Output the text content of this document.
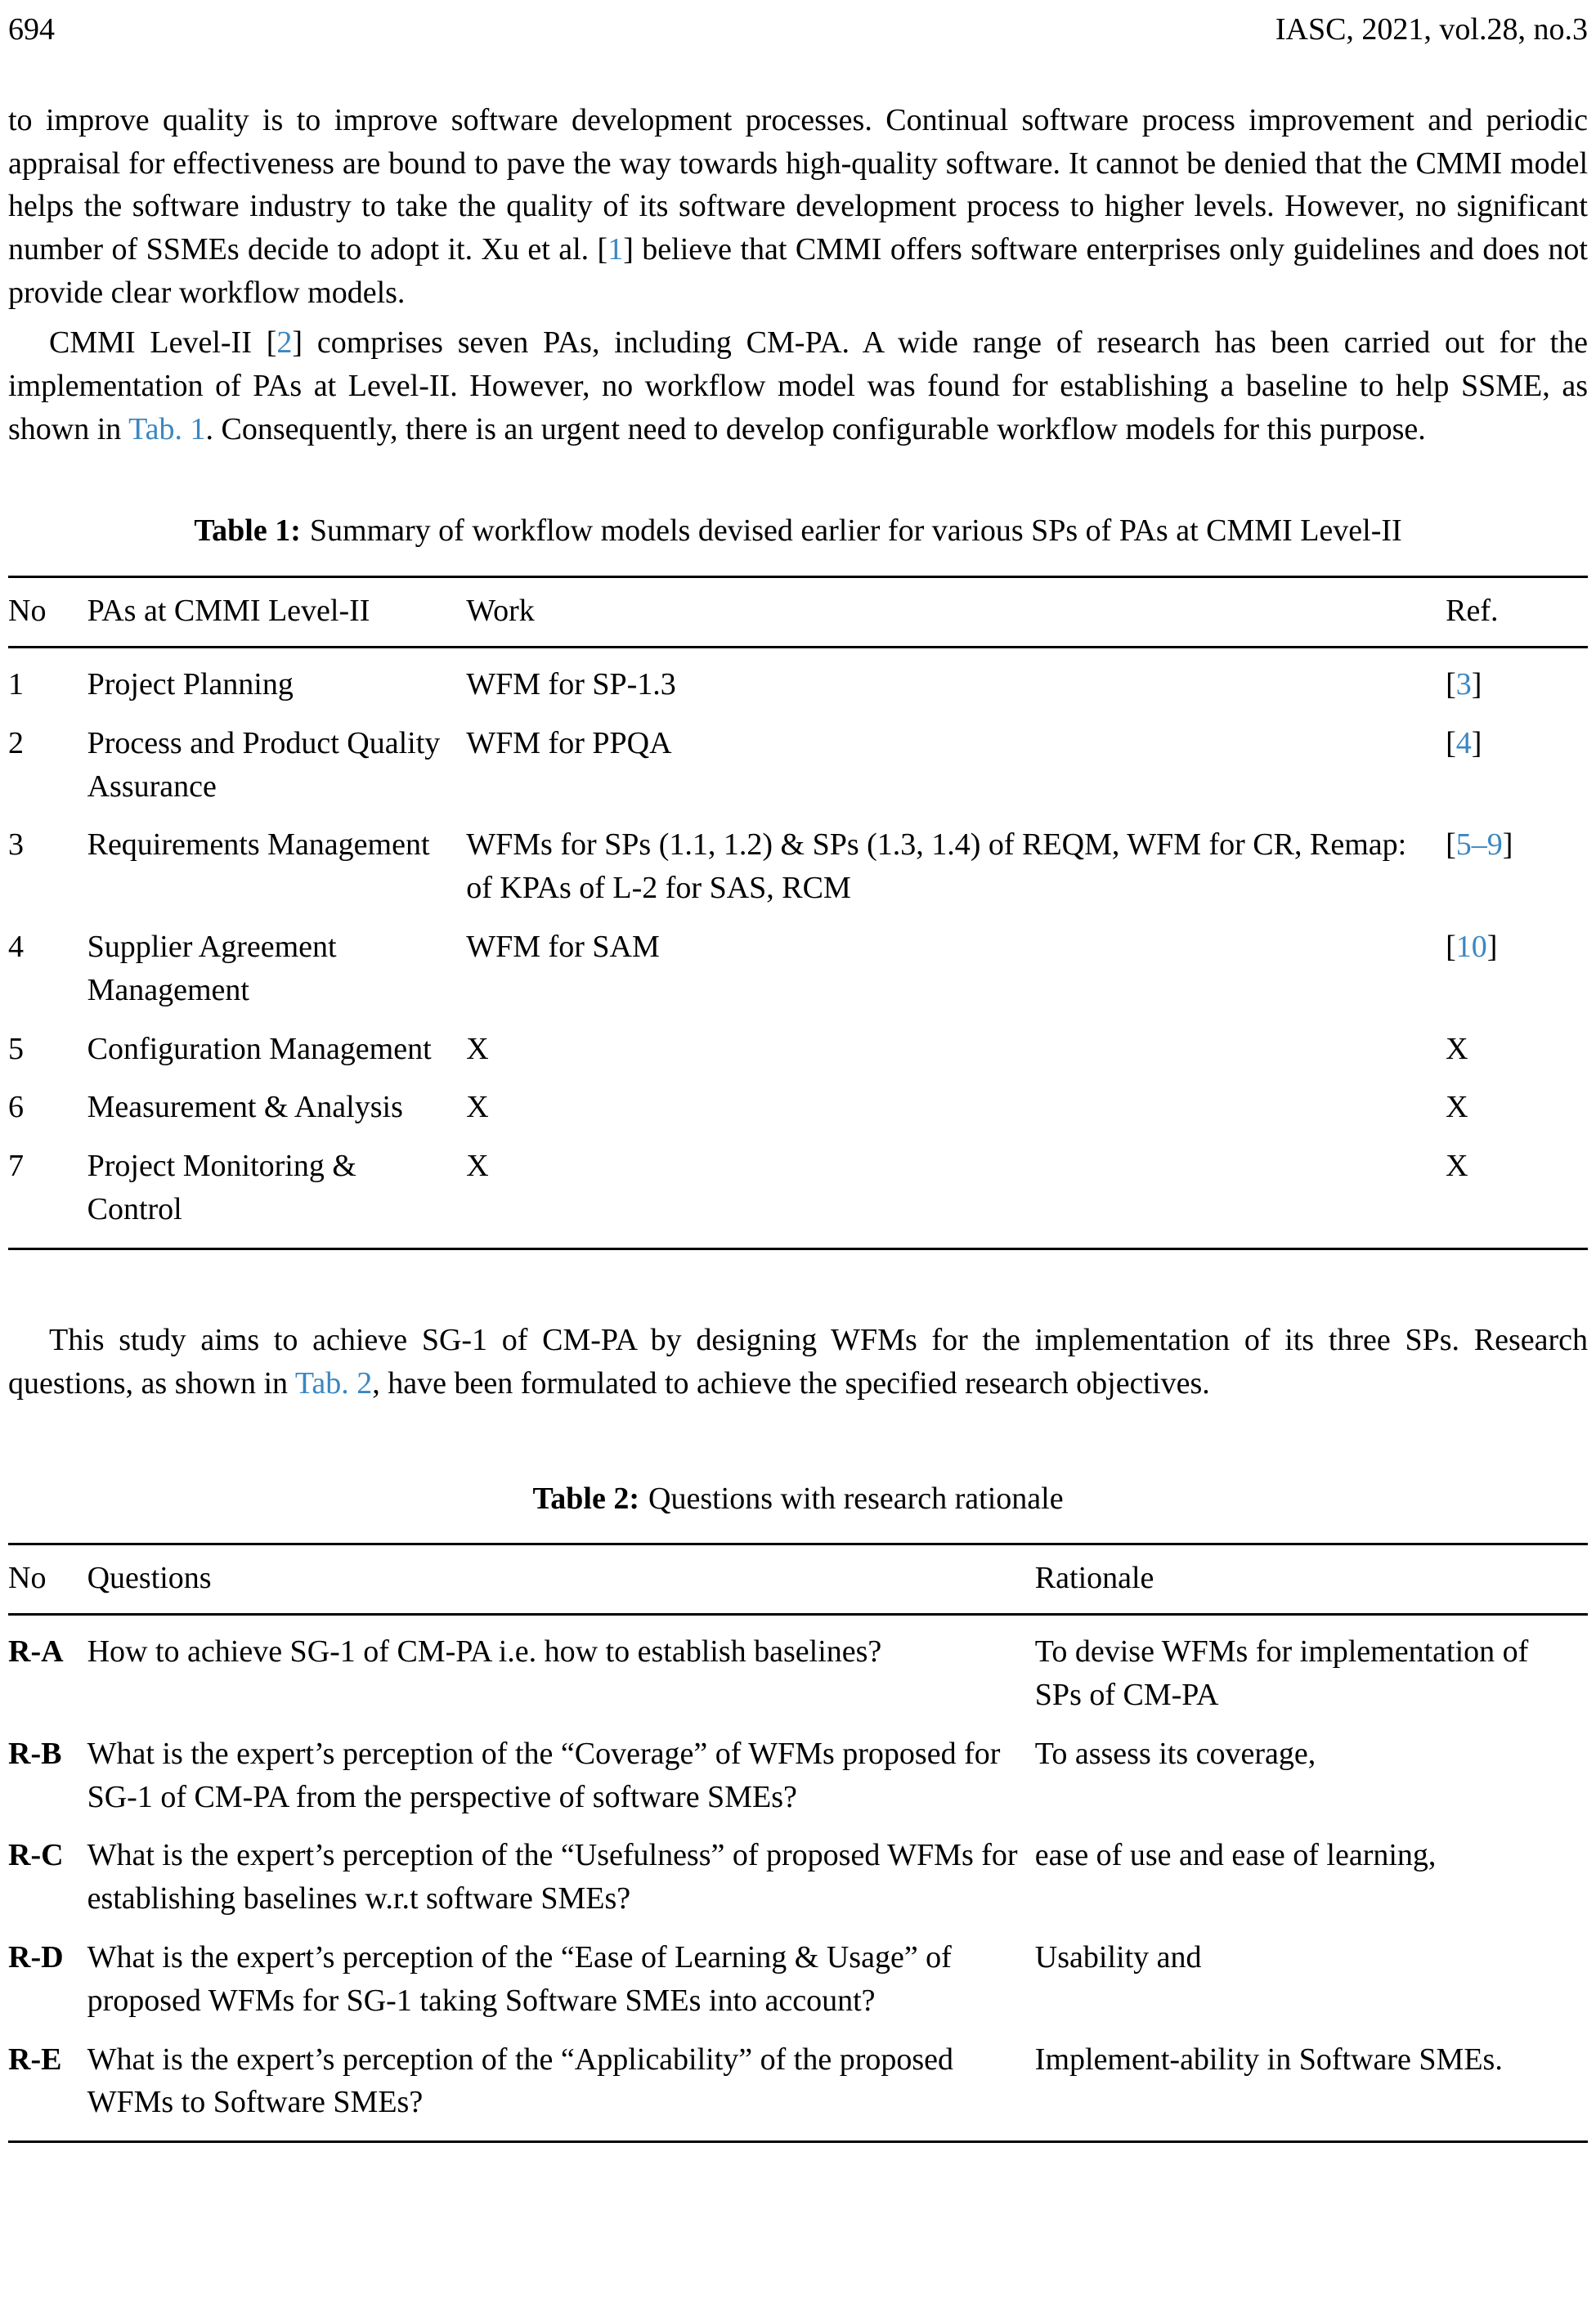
694	IASC, 2021, vol.28, no.3

to improve quality is to improve software development processes. Continual software process improvement and periodic appraisal for effectiveness are bound to pave the way towards high-quality software. It cannot be denied that the CMMI model helps the software industry to take the quality of its software development process to higher levels. However, no significant number of SSMEs decide to adopt it. Xu et al. [1] believe that CMMI offers software enterprises only guidelines and does not provide clear workflow models.

CMMI Level-II [2] comprises seven PAs, including CM-PA. A wide range of research has been carried out for the implementation of PAs at Level-II. However, no workflow model was found for establishing a baseline to help SSME, as shown in Tab. 1. Consequently, there is an urgent need to develop configurable workflow models for this purpose.

Table 1: Summary of workflow models devised earlier for various SPs of PAs at CMMI Level-II
No	PAs at CMMI Level-II	Work	Ref.
1	Project Planning	WFM for SP-1.3	[3]
2	Process and Product Quality Assurance	WFM for PPQA	[4]
3	Requirements Management	WFMs for SPs (1.1, 1.2) & SPs (1.3, 1.4) of REQM, WFM for CR, Remap: of KPAs of L-2 for SAS, RCM	[5–9]
4	Supplier Agreement Management	WFM for SAM	[10]
5	Configuration Management	X	X
6	Measurement & Analysis	X	X
7	Project Monitoring & Control	X	X

This study aims to achieve SG-1 of CM-PA by designing WFMs for the implementation of its three SPs. Research questions, as shown in Tab. 2, have been formulated to achieve the specified research objectives.

Table 2: Questions with research rationale
No	Questions	Rationale
R-A	How to achieve SG-1 of CM-PA i.e. how to establish baselines?	To devise WFMs for implementation of SPs of CM-PA
R-B	What is the expert’s perception of the “Coverage” of WFMs proposed for SG-1 of CM-PA from the perspective of software SMEs?	To assess its coverage,
R-C	What is the expert’s perception of the “Usefulness” of proposed WFMs for establishing baselines w.r.t software SMEs?	ease of use and ease of learning,
R-D	What is the expert’s perception of the “Ease of Learning & Usage” of proposed WFMs for SG-1 taking Software SMEs into account?	Usability and
R-E	What is the expert’s perception of the “Applicability” of the proposed WFMs to Software SMEs?	Implement-ability in Software SMEs.
